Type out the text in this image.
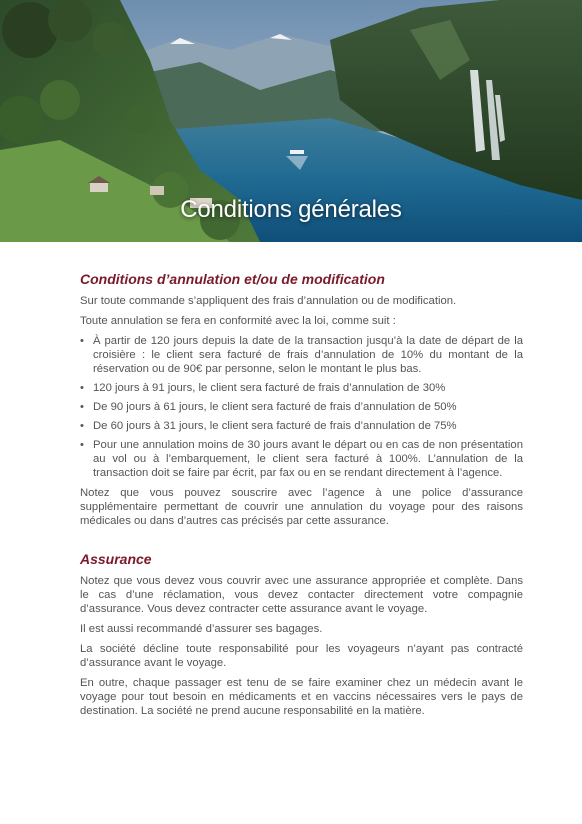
Conditions générales
Conditions d’annulation et/ou de modification

Sur toute commande s’appliquent des frais d’annulation ou de modification.

Toute annulation se fera en conformité avec la loi, comme suit :

• À partir de 120 jours depuis la date de la transaction jusqu’à la date de départ de la croisière : le client sera facturé de frais d’annulation de 10% du montant de la réservation ou de 90€ par personne, selon le montant le plus bas.
• 120 jours à 91 jours, le client sera facturé de frais d’annulation de 30%
• De 90 jours à 61 jours, le client sera facturé de frais d’annulation de 50%
• De 60 jours à 31 jours, le client sera facturé de frais d’annulation de 75%
• Pour une annulation moins de 30 jours avant le départ ou en cas de non présentation au vol ou à l’embarquement, le client sera facturé à 100%. L’annulation de la transaction doit se faire par écrit, par fax ou en se rendant directement à l’agence.

Notez que vous pouvez souscrire avec l’agence à une police d’assurance supplémentaire permettant de couvrir une annulation du voyage pour des raisons médicales ou dans d’autres cas précisés par cette assurance.

Assurance

Notez que vous devez vous couvrir avec une assurance appropriée et complète. Dans le cas d’une réclamation, vous devez contacter directement votre compagnie d’assurance. Vous devez contracter cette assurance avant le voyage.

Il est aussi recommandé d’assurer ses bagages.

La société décline toute responsabilité pour les voyageurs n’ayant pas contracté d’assurance avant le voyage.

En outre, chaque passager est tenu de se faire examiner chez un médecin avant le voyage pour tout besoin en médicaments et en vaccins nécessaires vers le pays de destination. La société ne prend aucune responsabilité en la matière.
